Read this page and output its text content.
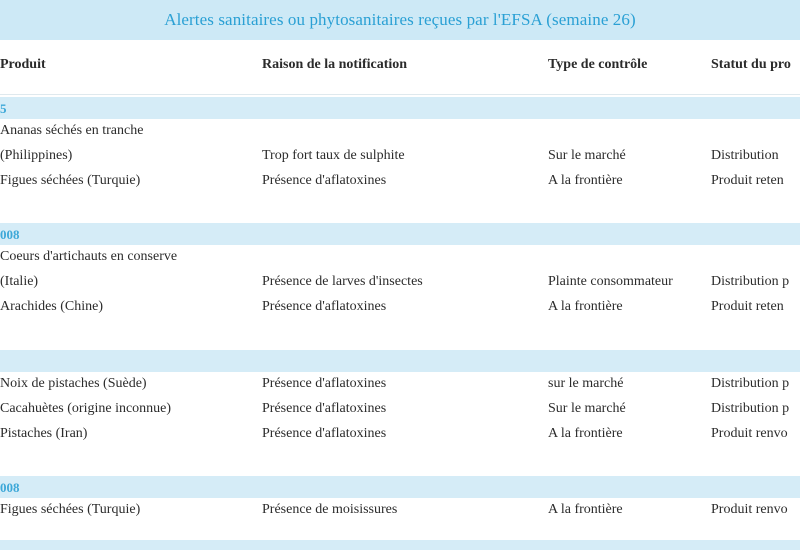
Alertes sanitaires ou phytosanitaires reçues par l'EFSA (semaine 26)
Produit	Raison de la notification	Type de contrôle	Statut du pro
5
Ananas séchés en tranche
(Philippines)	Trop fort taux de sulphite	Sur le marché	Distribution
Figues séchées (Turquie)	Présence d'aflatoxines	A la frontière	Produit reten
008
Coeurs d'artichauts en conserve
(Italie)	Présence de larves d'insectes	Plainte consommateur	Distribution p
Arachides (Chine)	Présence d'aflatoxines	A la frontière	Produit reten
Noix de pistaches (Suède)	Présence d'aflatoxines	sur le marché	Distribution p
Cacahuètes (origine inconnue)	Présence d'aflatoxines	Sur le marché	Distribution p
Pistaches (Iran)	Présence d'aflatoxines	A la frontière	Produit renvo
008
Figues séchées (Turquie)	Présence de moisissures	A la frontière	Produit renvo
